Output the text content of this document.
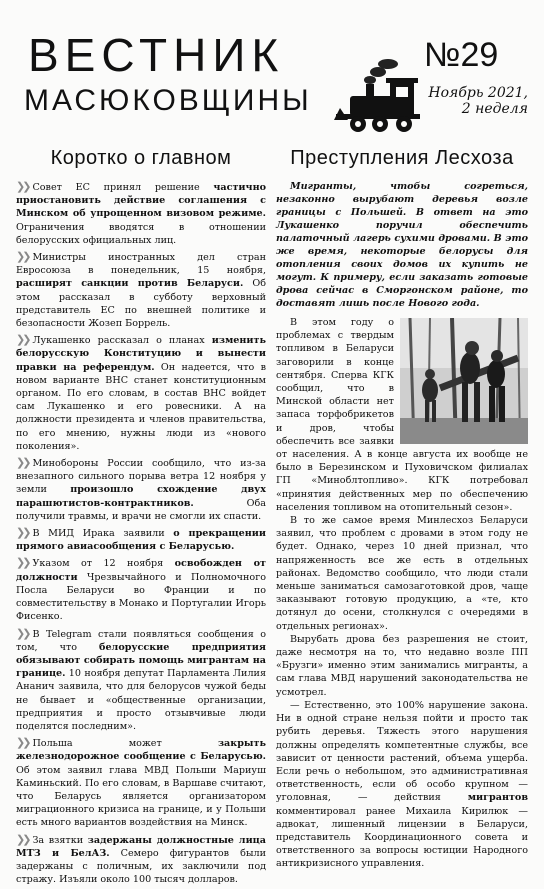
ВЕСТНИК
МАСЮКОВЩИНЫ
№29
Ноябрь 2021,
2 неделя
Коротко о главном

❯❯ Совет ЕС принял решение частично приостановить действие соглашения с Минском об упрощенном визовом режиме. Ограничения вводятся в отношении белорусских официальных лиц.

❯❯ Министры иностранных дел стран Евросоюза в понедельник, 15 ноября, расширят санкции против Беларуси. Об этом рассказал в субботу верховный представитель ЕС по внешней политике и безопасности Жозеп Боррель.

❯❯ Лукашенко рассказал о планах изменить белорусскую Конституцию и вынести правки на референдум. Он надеется, что в новом варианте ВНС станет конституционным органом. По его словам, в состав ВНС войдет сам Лукашенко и его ровесники. А на должности президента и членов правительства, по его мнению, нужны люди из «нового поколения».

❯❯ Минобороны России сообщило, что из-за внезапного сильного порыва ветра 12 ноября у земли произошло схождение двух парашютистов-контрактников. Оба получили травмы, и врачи не смогли их спасти.

❯❯ В МИД Ирака заявили о прекращении прямого авиасообщения с Беларусью.

❯❯ Указом от 12 ноября освобожден от должности Чрезвычайного и Полномочного Посла Беларуси во Франции и по совместительству в Монако и Португалии Игорь Фисенко.

❯❯ В Telegram стали появляться сообщения о том, что белорусские предприятия обязывают собирать помощь мигрантам на границе. 10 ноября депутат Парламента Лилия Ананич заявила, что для белорусов чужой беды не бывает и «общественные организации, предприятия и просто отзывчивые люди поделятся последним».

❯❯ Польша может закрыть железнодорожное сообщение с Беларусью. Об этом заявил глава МВД Польши Мариуш Каминьский. По его словам, в Варшаве считают, что Беларусь является организатором миграционного кризиса на границе, и у Польши есть много вариантов воздействия на Минск.

❯❯ За взятки задержаны должностные лица МТЗ и БелАЗ. Семеро фигурантов были задержаны с поличным, их заключили под стражу. Изъяли около 100 тысяч долларов.

Преступления Лесхоза

Мигранты, чтобы согреться, незаконно вырубают деревья возле границы с Польшей. В ответ на это Лукашенко поручил обеспечить палаточный лагерь сухими дровами. В это же время, некоторые белорусы для отопления своих домов их купить не могут. К примеру, если заказать готовые дрова сейчас в Сморгонском районе, то доставят лишь после Нового года.

В этом году о проблемах с твердым топливом в Беларуси заговорили в конце сентября. Сперва КГК сообщил, что в Минской области нет запаса торфобрикетов и дров, чтобы обеспечить все заявки от населения. А в конце августа их вообще не было в Березинском и Пуховичском филиалах ГП «Миноблтопливо». КГК потребовал «принятия действенных мер по обеспечению населения топливом на отопительный сезон».

В то же самое время Минлесхоз Беларуси заявил, что проблем с дровами в этом году не будет. Однако, через 10 дней признал, что напряженность все же есть в отдельных районах. Ведомство сообщило, что люди стали меньше заниматься самозаготовкой дров, чаще заказывают готовую продукцию, а «те, кто дотянул до осени, столкнулся с очередями в отдельных регионах».

Вырубать дрова без разрешения не стоит, даже несмотря на то, что недавно возле ПП «Брузги» именно этим занимались мигранты, а сам глава МВД нарушений законодательства не усмотрел.

— Естественно, это 100% нарушение закона. Ни в одной стране нельзя пойти и просто так рубить деревья. Тяжесть этого нарушения должны определять компетентные службы, все зависит от ценности растений, объема ущерба. Если речь о небольшом, это административная ответственность, если об особо крупном — уголовная, — действия мигрантов комментировал ранее Михаила Кирилюк — адвокат, лишенный лицензии в Беларуси, представитель Координационного совета и ответственного за вопросы юстиции Народного антикризисного управления.
